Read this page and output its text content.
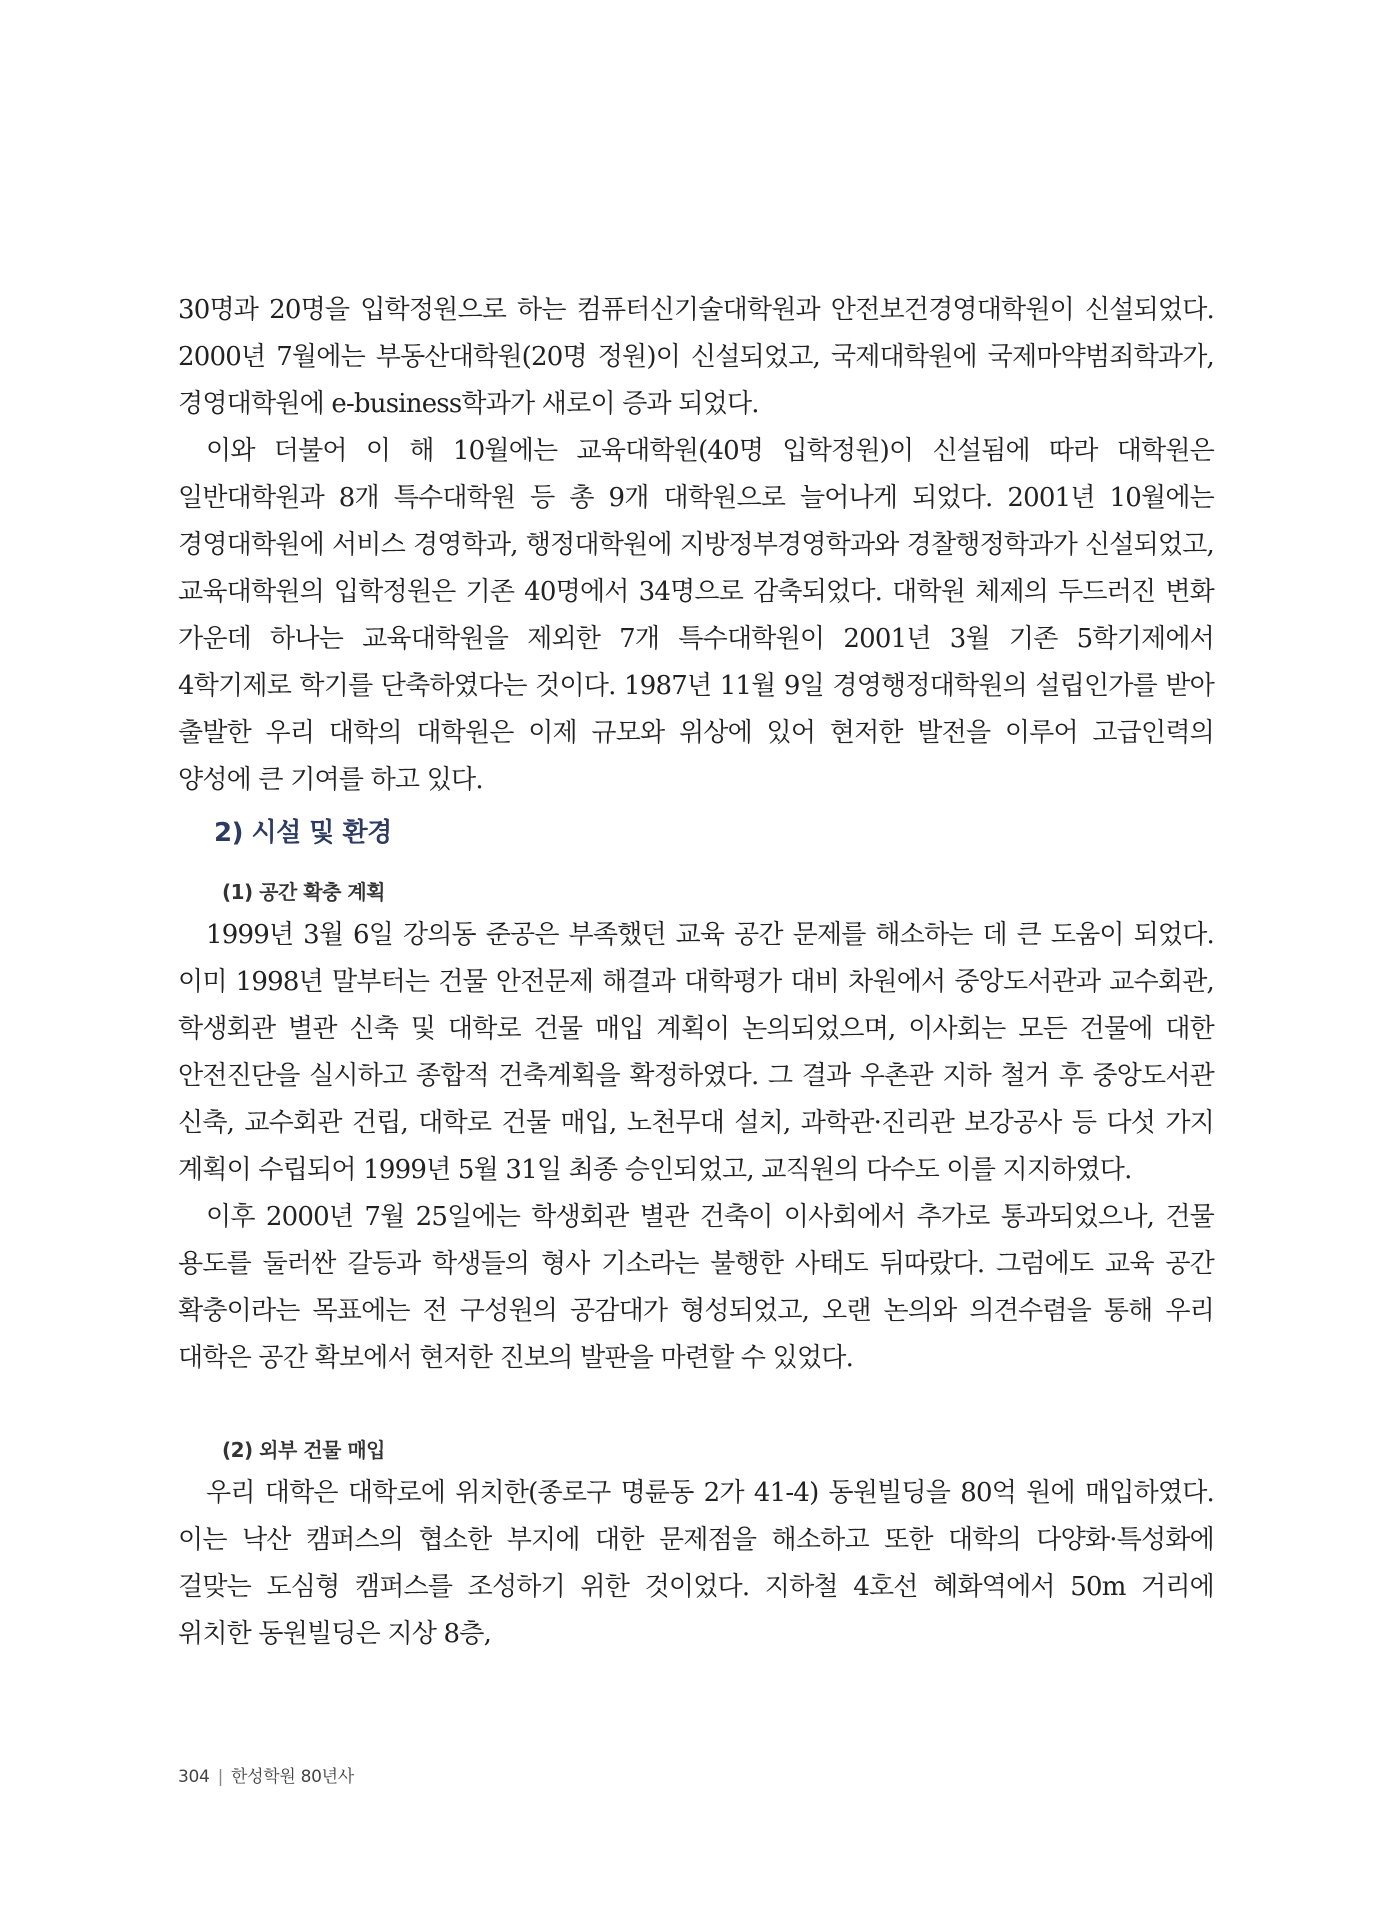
30명과 20명을 입학정원으로 하는 컴퓨터신기술대학원과 안전보건경영대학원이 신설되었다. 2000년 7월에는 부동산대학원(20명 정원)이 신설되었고, 국제대학원에 국제마약범죄학과가, 경영대학원에 e-business학과가 새로이 증과 되었다.

이와 더불어 이 해 10월에는 교육대학원(40명 입학정원)이 신설됨에 따라 대학원은 일반대학원과 8개 특수대학원 등 총 9개 대학원으로 늘어나게 되었다. 2001년 10월에는 경영대학원에 서비스 경영학과, 행정대학원에 지방정부경영학과와 경찰행정학과가 신설되었고, 교육대학원의 입학정원은 기존 40명에서 34명으로 감축되었다. 대학원 체제의 두드러진 변화 가운데 하나는 교육대학원을 제외한 7개 특수대학원이 2001년 3월 기존 5학기제에서 4학기제로 학기를 단축하였다는 것이다. 1987년 11월 9일 경영행정대학원의 설립인가를 받아 출발한 우리 대학의 대학원은 이제 규모와 위상에 있어 현저한 발전을 이루어 고급인력의 양성에 큰 기여를 하고 있다.

2) 시설 및 환경
(1) 공간 확충 계획

1999년 3월 6일 강의동 준공은 부족했던 교육 공간 문제를 해소하는 데 큰 도움이 되었다. 이미 1998년 말부터는 건물 안전문제 해결과 대학평가 대비 차원에서 중앙도서관과 교수회관, 학생회관 별관 신축 및 대학로 건물 매입 계획이 논의되었으며, 이사회는 모든 건물에 대한 안전진단을 실시하고 종합적 건축계획을 확정하였다. 그 결과 우촌관 지하 철거 후 중앙도서관 신축, 교수회관 건립, 대학로 건물 매입, 노천무대 설치, 과학관·진리관 보강공사 등 다섯 가지 계획이 수립되어 1999년 5월 31일 최종 승인되었고, 교직원의 다수도 이를 지지하였다.

이후 2000년 7월 25일에는 학생회관 별관 건축이 이사회에서 추가로 통과되었으나, 건물 용도를 둘러싼 갈등과 학생들의 형사 기소라는 불행한 사태도 뒤따랐다. 그럼에도 교육 공간 확충이라는 목표에는 전 구성원의 공감대가 형성되었고, 오랜 논의와 의견수렴을 통해 우리 대학은 공간 확보에서 현저한 진보의 발판을 마련할 수 있었다.

(2) 외부 건물 매입

우리 대학은 대학로에 위치한(종로구 명륜동 2가 41-4) 동원빌딩을 80억 원에 매입하였다. 이는 낙산 캠퍼스의 협소한 부지에 대한 문제점을 해소하고 또한 대학의 다양화·특성화에 걸맞는 도심형 캠퍼스를 조성하기 위한 것이었다. 지하철 4호선 혜화역에서 50m 거리에 위치한 동원빌딩은 지상 8층,

304 | 한성학원 80년사
